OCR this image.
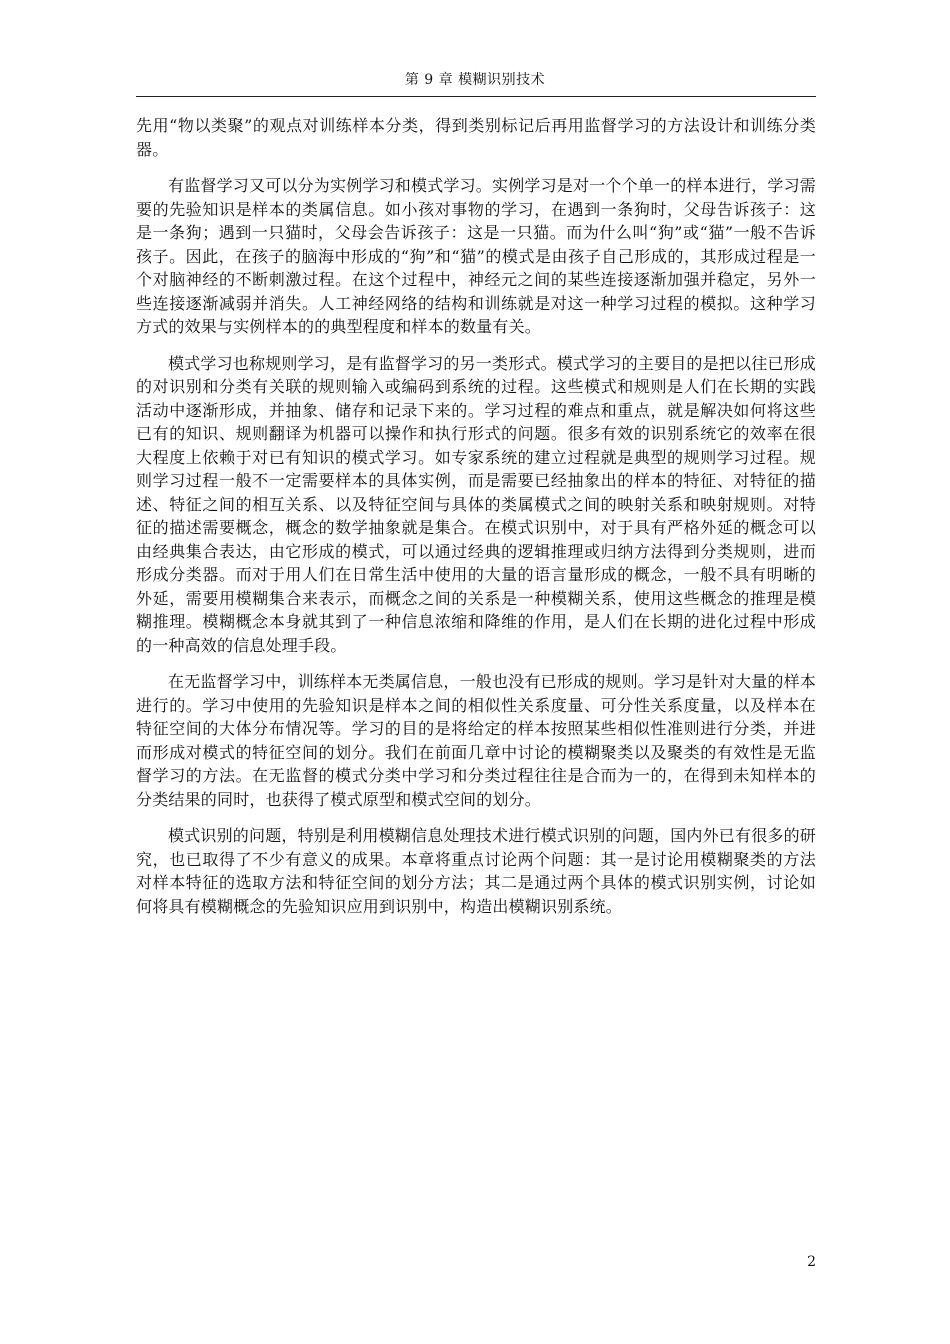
第 9 章 模糊识别技术

先用“物以类聚”的观点对训练样本分类，得到类别标记后再用监督学习的方法设计和训练分类器。

有监督学习又可以分为实例学习和模式学习。实例学习是对一个个单一的样本进行，学习需要的先验知识是样本的类属信息。如小孩对事物的学习，在遇到一条狗时，父母告诉孩子：这是一条狗；遇到一只猫时，父母会告诉孩子：这是一只猫。而为什么叫“狗”或“猫”一般不告诉孩子。因此，在孩子的脑海中形成的“狗”和“猫”的模式是由孩子自己形成的，其形成过程是一个对脑神经的不断刺激过程。在这个过程中，神经元之间的某些连接逐渐加强并稳定，另外一些连接逐渐减弱并消失。人工神经网络的结构和训练就是对这一种学习过程的模拟。这种学习方式的效果与实例样本的的典型程度和样本的数量有关。

模式学习也称规则学习，是有监督学习的另一类形式。模式学习的主要目的是把以往已形成的对识别和分类有关联的规则输入或编码到系统的过程。这些模式和规则是人们在长期的实践活动中逐渐形成，并抽象、储存和记录下来的。学习过程的难点和重点，就是解决如何将这些已有的知识、规则翻译为机器可以操作和执行形式的问题。很多有效的识别系统它的效率在很大程度上依赖于对已有知识的模式学习。如专家系统的建立过程就是典型的规则学习过程。规则学习过程一般不一定需要样本的具体实例，而是需要已经抽象出的样本的特征、对特征的描述、特征之间的相互关系、以及特征空间与具体的类属模式之间的映射关系和映射规则。对特征的描述需要概念，概念的数学抽象就是集合。在模式识别中，对于具有严格外延的概念可以由经典集合表达，由它形成的模式，可以通过经典的逻辑推理或归纳方法得到分类规则，进而形成分类器。而对于用人们在日常生活中使用的大量的语言量形成的概念，一般不具有明晰的外延，需要用模糊集合来表示，而概念之间的关系是一种模糊关系，使用这些概念的推理是模糊推理。模糊概念本身就其到了一种信息浓缩和降维的作用，是人们在长期的进化过程中形成的一种高效的信息处理手段。

在无监督学习中，训练样本无类属信息，一般也没有已形成的规则。学习是针对大量的样本进行的。学习中使用的先验知识是样本之间的相似性关系度量、可分性关系度量，以及样本在特征空间的大体分布情况等。学习的目的是将给定的样本按照某些相似性准则进行分类，并进而形成对模式的特征空间的划分。我们在前面几章中讨论的模糊聚类以及聚类的有效性是无监督学习的方法。在无监督的模式分类中学习和分类过程往往是合而为一的，在得到未知样本的分类结果的同时，也获得了模式原型和模式空间的划分。

模式识别的问题，特别是利用模糊信息处理技术进行模式识别的问题，国内外已有很多的研究，也已取得了不少有意义的成果。本章将重点讨论两个问题：其一是讨论用模糊聚类的方法对样本特征的选取方法和特征空间的划分方法；其二是通过两个具体的模式识别实例，讨论如何将具有模糊概念的先验知识应用到识别中，构造出模糊识别系统。

2
